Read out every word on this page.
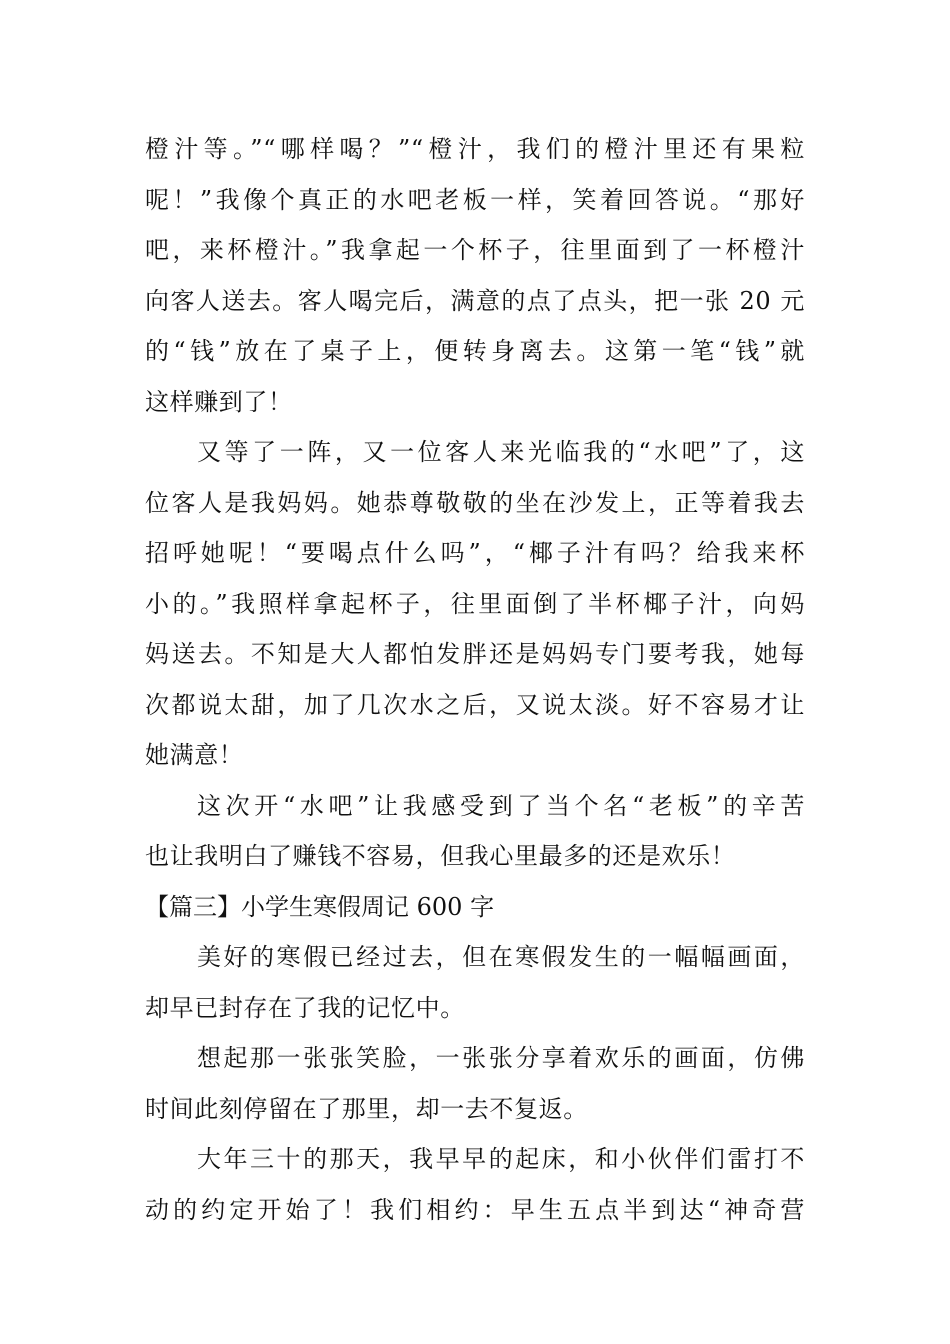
橙汁等。”“哪样喝？”“橙汁，我们的橙汁里还有果粒
呢！”我像个真正的水吧老板一样，笑着回答说。“那好
吧，来杯橙汁。”我拿起一个杯子，往里面到了一杯橙汁
向客人送去。客人喝完后，满意的点了点头，把一张 20 元
的“钱”放在了桌子上，便转身离去。这第一笔“钱”就
这样赚到了！
又等了一阵，又一位客人来光临我的“水吧”了，这
位客人是我妈妈。她恭尊敬敬的坐在沙发上，正等着我去
招呼她呢！“要喝点什么吗”，“椰子汁有吗？给我来杯
小的。”我照样拿起杯子，往里面倒了半杯椰子汁，向妈
妈送去。不知是大人都怕发胖还是妈妈专门要考我，她每
次都说太甜，加了几次水之后，又说太淡。好不容易才让
她满意！
这次开“水吧”让我感受到了当个名“老板”的辛苦
也让我明白了赚钱不容易，但我心里最多的还是欢乐！
【篇三】小学生寒假周记 600 字
美好的寒假已经过去，但在寒假发生的一幅幅画面，
却早已封存在了我的记忆中。
想起那一张张笑脸，一张张分享着欢乐的画面，仿佛
时间此刻停留在了那里，却一去不复返。
大年三十的那天，我早早的起床，和小伙伴们雷打不
动的约定开始了！我们相约：早生五点半到达“神奇营
